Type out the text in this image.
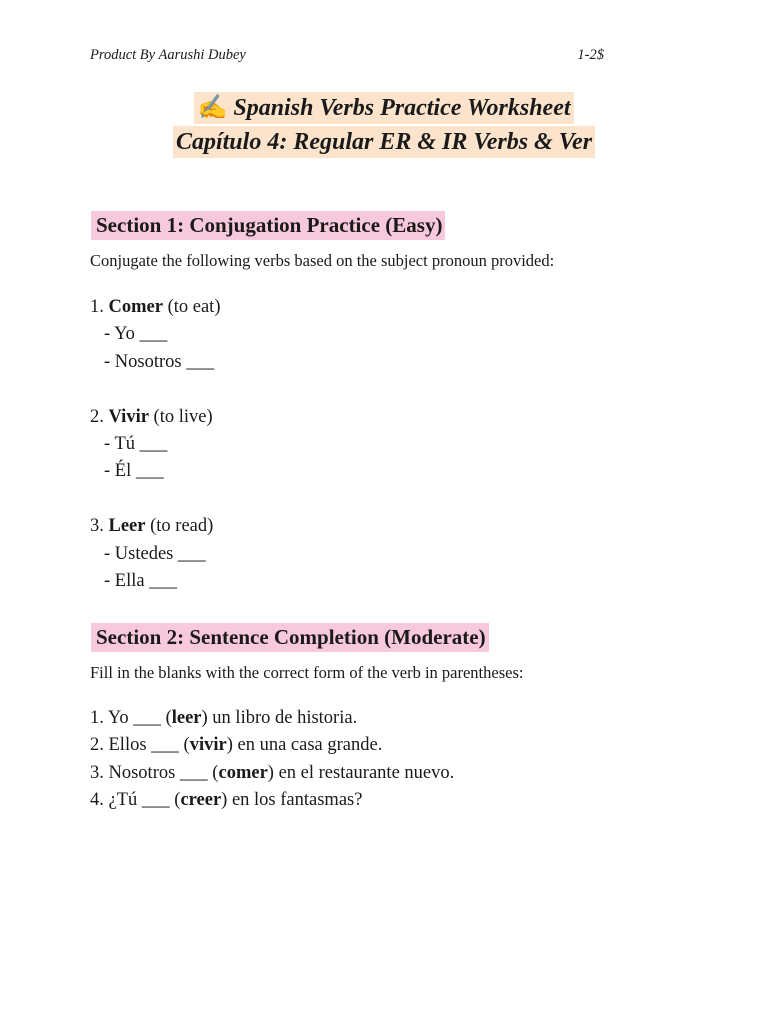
Product By Aarushi Dubey	1-2$
✍ Spanish Verbs Practice Worksheet
Capítulo 4: Regular ER & IR Verbs & Ver
Section 1: Conjugation Practice (Easy)
Conjugate the following verbs based on the subject pronoun provided:
1. Comer (to eat)
- Yo ___
- Nosotros ___
2. Vivir (to live)
- Tú ___
- Él ___
3. Leer (to read)
- Ustedes ___
- Ella ___
Section 2: Sentence Completion (Moderate)
Fill in the blanks with the correct form of the verb in parentheses:
1. Yo ___ (leer) un libro de historia.
2. Ellos ___ (vivir) en una casa grande.
3. Nosotros ___ (comer) en el restaurante nuevo.
4. ¿Tú ___ (creer) en los fantasmas?
